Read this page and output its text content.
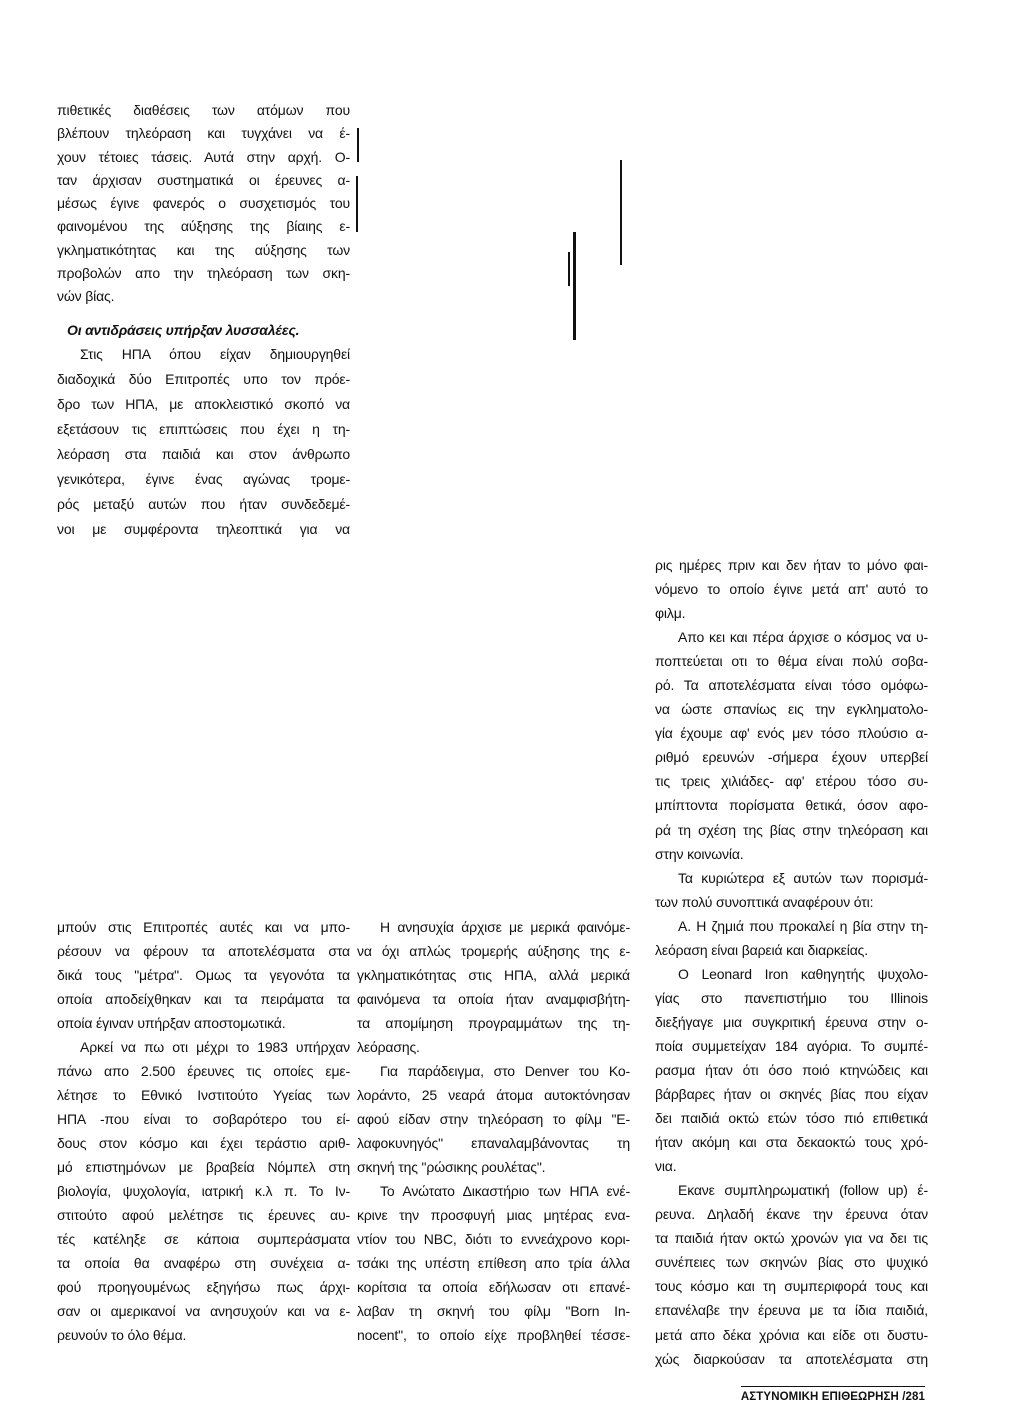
πιθετικές διαθέσεις των ατόμων που
βλέπουν τηλεόραση και τυγχάνει να έ-
χουν τέτοιες τάσεις. Αυτά στην αρχή. Ο-
ταν άρχισαν συστηματικά οι έρευνες α-
μέσως έγινε φανερός ο συσχετισμός του
φαινομένου της αύξησης της βίαιης ε-
γκληματικότητας και της αύξησης των
προβολών απο την τηλεόραση των σκη-
νών βίας.
Οι αντιδράσεις υπήρξαν λυσσαλέες.
Στις ΗΠΑ όπου είχαν δημιουργηθεί
διαδοχικά δύο Επιτροπές υπο τον πρόε-
δρο των ΗΠΑ, με αποκλειστικό σκοπό να
εξετάσουν τις επιπτώσεις που έχει η τη-
λεόραση στα παιδιά και στον άνθρωπο
γενικότερα, έγινε ένας αγώνας τρομε-
ρός μεταξύ αυτών που ήταν συνδεδεμέ-
νοι με συμφέροντα τηλεοπτικά για να
ρις ημέρες πριν και δεν ήταν το μόνο φαι-
νόμενο το οποίο έγινε μετά απ' αυτό το
φιλμ.
Απο κει και πέρα άρχισε ο κόσμος να υ-
ποπτεύεται οτι το θέμα είναι πολύ σοβα-
ρό. Τα αποτελέσματα είναι τόσο ομόφω-
να ώστε σπανίως εις την εγκληματολο-
γία έχουμε αφ' ενός μεν τόσο πλούσιο α-
ριθμό ερευνών -σήμερα έχουν υπερβεί
τις τρεις χιλιάδες- αφ' ετέρου τόσο συ-
μπίπτοντα πορίσματα θετικά, όσον αφο-
ρά τη σχέση της βίας στην τηλεόραση και
στην κοινωνία.
Τα κυριώτερα εξ αυτών των πορισμά-
των πολύ συνοπτικά αναφέρουν ότι:
Α. Η ζημιά που προκαλεί η βία στην τη-
λεόραση είναι βαρειά και διαρκείας.
Ο Leonard Iron καθηγητής ψυχολο-
γίας στο πανεπιστήμιο του Illinois
διεξήγαγε μια συγκριτική έρευνα στην ο-
ποία συμμετείχαν 184 αγόρια. Το συμπέ-
ρασμα ήταν ότι όσο ποιό κτηνώδεις και
βάρβαρες ήταν οι σκηνές βίας που είχαν
δει παιδιά οκτώ ετών τόσο πιό επιθετικά
ήταν ακόμη και στα δεκαοκτώ τους χρό-
νια.
Εκανε συμπληρωματική (follow up) έ-
ρευνα. Δηλαδή έκανε την έρευνα όταν
τα παιδιά ήταν οκτώ χρονών για να δει τις
συνέπειες των σκηνών βίας στο ψυχικό
τους κόσμο και τη συμπεριφορά τους και
επανέλαβε την έρευνα με τα ίδια παιδιά,
μετά απο δέκα χρόνια και είδε οτι δυστυ-
χώς διαρκούσαν τα αποτελέσματα στη
μπούν στις Επιτροπές αυτές και να μπο-
ρέσουν να φέρουν τα αποτελέσματα στα
δικά τους "μέτρα". Ομως τα γεγονότα τα
οποία αποδείχθηκαν και τα πειράματα τα
οποία έγιναν υπήρξαν αποστομωτικά.
Αρκεί να πω οτι μέχρι το 1983 υπήρχαν
πάνω απο 2.500 έρευνες τις οποίες εμε-
λέτησε το Εθνικό Ινστιτούτο Υγείας των
ΗΠΑ -που είναι το σοβαρότερο του εί-
δους στον κόσμο και έχει τεράστιο αριθ-
μό επιστημόνων με βραβεία Νόμπελ στη
βιολογία, ψυχολογία, ιατρική κ.λ π. Το Ιν-
στιτούτο αφού μελέτησε τις έρευνες αυ-
τές κατέληξε σε κάποια συμπεράσματα
τα οποία θα αναφέρω στη συνέχεια α-
φού προηγουμένως εξηγήσω πως άρχι-
σαν οι αμερικανοί να ανησυχούν και να ε-
ρευνούν το όλο θέμα.
Η ανησυχία άρχισε με μερικά φαινόμε-
να όχι απλώς τρομερής αύξησης της ε-
γκληματικότητας στις ΗΠΑ, αλλά μερικά
φαινόμενα τα οποία ήταν αναμφισβήτη-
τα απομίμηση προγραμμάτων της τη-
λεόρασης.
Για παράδειγμα, στο Denver του Κο-
λοράντο, 25 νεαρά άτομα αυτοκτόνησαν
αφού είδαν στην τηλεόραση το φίλμ "Ε-
λαφοκυνηγός" επαναλαμβάνοντας τη
σκηνή της "ρώσικης ρουλέτας".
Το Ανώτατο Δικαστήριο των ΗΠΑ ενέ-
κρινε την προσφυγή μιας μητέρας ενα-
ντίον του NBC, διότι το εννεάχρονο κορι-
τσάκι της υπέστη επίθεση απο τρία άλλα
κορίτσια τα οποία εδήλωσαν οτι επανέ-
λαβαν τη σκηνή του φίλμ "Born In-
nocent", το οποίο είχε προβληθεί τέσσε-
ΑΣΤΥΝΟΜΙΚΗ ΕΠΙΘΕΩΡΗΣΗ /281
